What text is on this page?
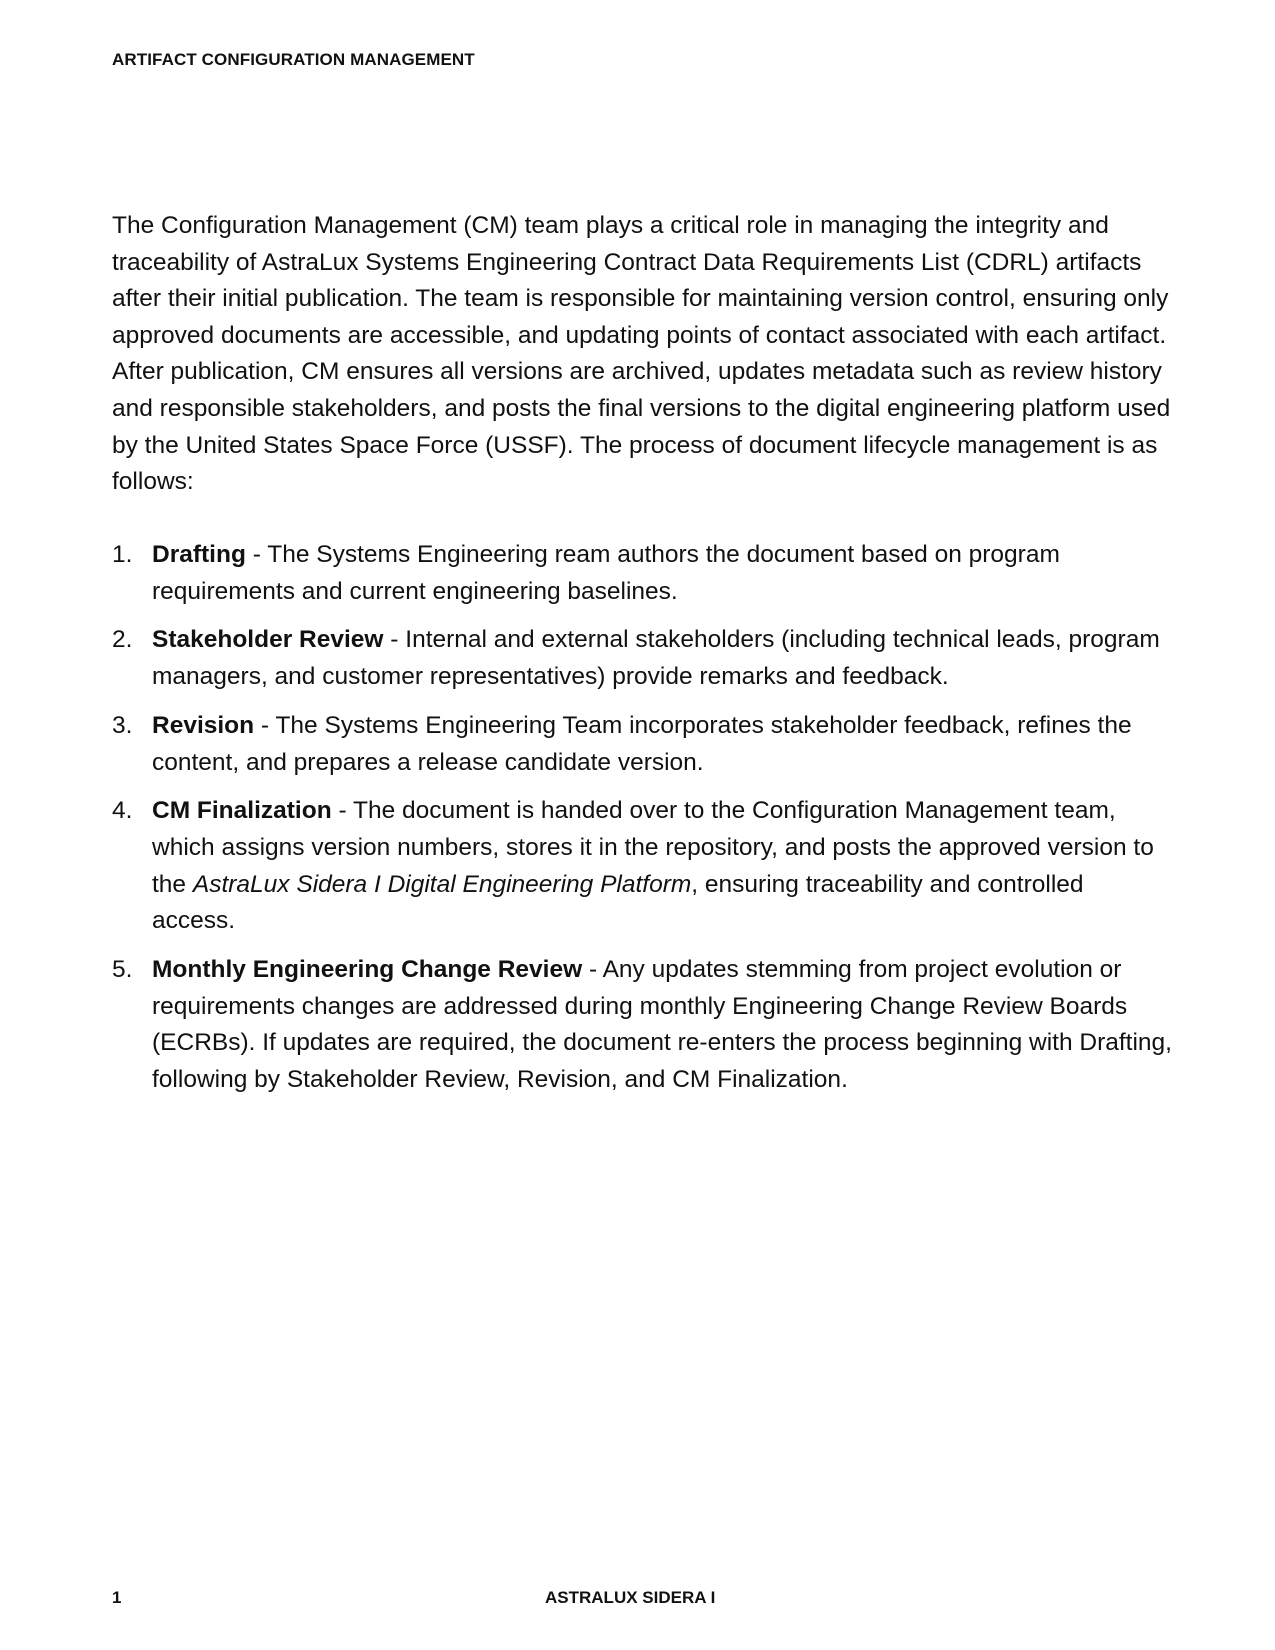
ARTIFACT CONFIGURATION MANAGEMENT

The Configuration Management (CM) team plays a critical role in managing the integrity and traceability of AstraLux Systems Engineering Contract Data Requirements List (CDRL) artifacts after their initial publication. The team is responsible for maintaining version control, ensuring only approved documents are accessible, and updating points of contact associated with each artifact. After publication, CM ensures all versions are archived, updates metadata such as review history and responsible stakeholders, and posts the final versions to the digital engineering platform used by the United States Space Force (USSF). The process of document lifecycle management is as follows:

1. Drafting - The Systems Engineering ream authors the document based on program requirements and current engineering baselines.
2. Stakeholder Review - Internal and external stakeholders (including technical leads, program managers, and customer representatives) provide remarks and feedback.
3. Revision - The Systems Engineering Team incorporates stakeholder feedback, refines the content, and prepares a release candidate version.
4. CM Finalization - The document is handed over to the Configuration Management team, which assigns version numbers, stores it in the repository, and posts the approved version to the AstraLux Sidera I Digital Engineering Platform, ensuring traceability and controlled access.
5. Monthly Engineering Change Review - Any updates stemming from project evolution or requirements changes are addressed during monthly Engineering Change Review Boards (ECRBs). If updates are required, the document re-enters the process beginning with Drafting, following by Stakeholder Review, Revision, and CM Finalization.
1	ASTRALUX SIDERA I
